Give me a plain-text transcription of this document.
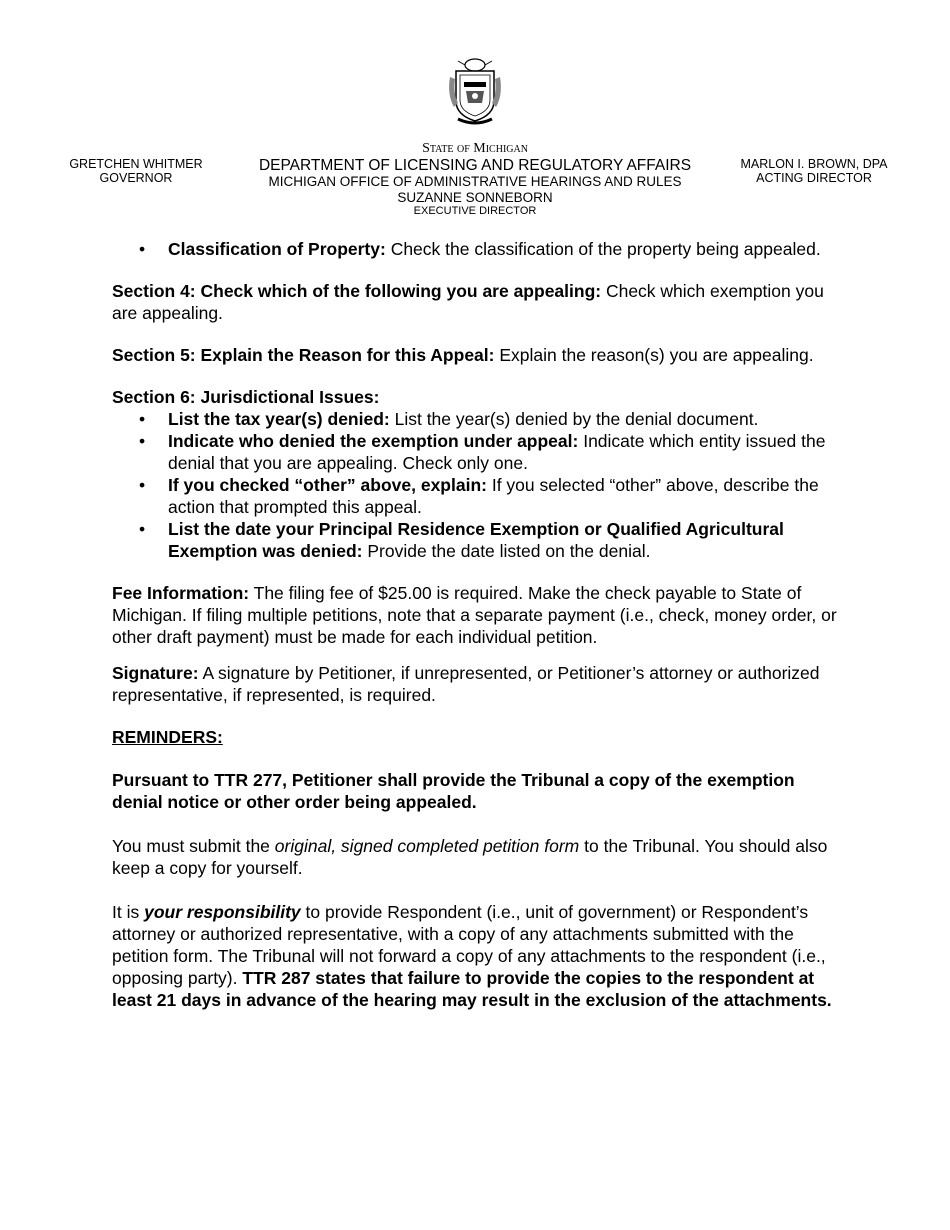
GRETCHEN WHITMER
GOVERNOR
State of Michigan
DEPARTMENT OF LICENSING AND REGULATORY AFFAIRS
MICHIGAN OFFICE OF ADMINISTRATIVE HEARINGS AND RULES
SUZANNE SONNEBORN
EXECUTIVE DIRECTOR
MARLON I. BROWN, DPA
ACTING DIRECTOR
• Classification of Property: Check the classification of the property being appealed.

Section 4: Check which of the following you are appealing: Check which exemption you are appealing.

Section 5: Explain the Reason for this Appeal: Explain the reason(s) you are appealing.

Section 6: Jurisdictional Issues:

• List the tax year(s) denied: List the year(s) denied by the denial document.
• Indicate who denied the exemption under appeal: Indicate which entity issued the denial that you are appealing. Check only one.
• If you checked “other” above, explain: If you selected “other” above, describe the action that prompted this appeal.
• List the date your Principal Residence Exemption or Qualified Agricultural Exemption was denied: Provide the date listed on the denial.

Fee Information: The filing fee of $25.00 is required. Make the check payable to State of Michigan. If filing multiple petitions, note that a separate payment (i.e., check, money order, or other draft payment) must be made for each individual petition.

Signature: A signature by Petitioner, if unrepresented, or Petitioner’s attorney or authorized representative, if represented, is required.

REMINDERS:

Pursuant to TTR 277, Petitioner shall provide the Tribunal a copy of the exemption denial notice or other order being appealed.

You must submit the original, signed completed petition form to the Tribunal. You should also keep a copy for yourself.

It is your responsibility to provide Respondent (i.e., unit of government) or Respondent’s attorney or authorized representative, with a copy of any attachments submitted with the petition form. The Tribunal will not forward a copy of any attachments to the respondent (i.e., opposing party). TTR 287 states that failure to provide the copies to the respondent at least 21 days in advance of the hearing may result in the exclusion of the attachments.
